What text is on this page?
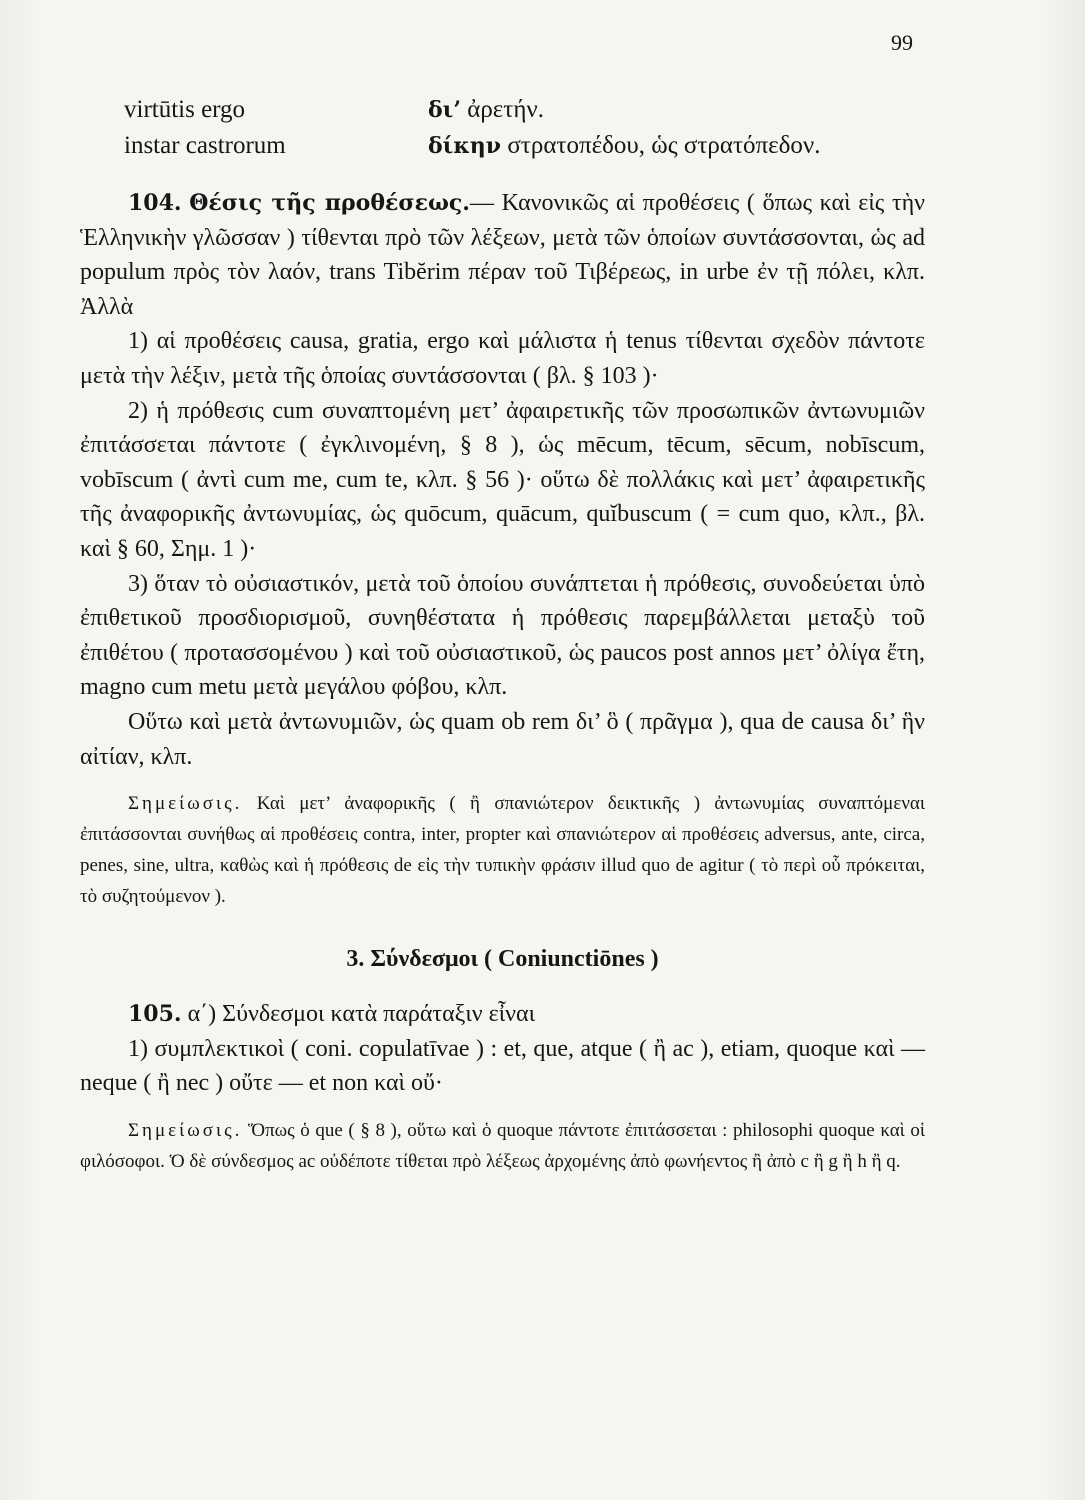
99
virtūtis ergo	δι’ ἀρετήν.
instar castrorum	δίκην στρατοπέδου, ὡς στρατόπεδον.

104. Θέσις τῆς προθέσεως.— Κανονικῶς αἱ προθέσεις ( ὅπως καὶ εἰς τὴν Ἑλληνικὴν γλῶσσαν ) τίθενται πρὸ τῶν λέξεων, μετὰ τῶν ὁποίων συντάσσονται, ὡς ad populum πρὸς τὸν λαόν, trans Tibĕrim πέραν τοῦ Τιβέρεως, in urbe ἐν τῇ πόλει, κλπ. Ἀλλὰ

1) αἱ προθέσεις causa, gratia, ergo καὶ μάλιστα ἡ tenus τίθενται σχεδὸν πάντοτε μετὰ τὴν λέξιν, μετὰ τῆς ὁποίας συντάσσονται ( βλ. § 103 )·

2) ἡ πρόθεσις cum συναπτομένη μετ’ ἀφαιρετικῆς τῶν προσωπικῶν ἀντωνυμιῶν ἐπιτάσσεται πάντοτε ( ἐγκλινομένη, § 8 ), ὡς mēcum, tēcum, sēcum, nobīscum, vobīscum ( ἀντὶ cum me, cum te, κλπ. § 56 )· οὕτω δὲ πολλάκις καὶ μετ’ ἀφαιρετικῆς τῆς ἀναφορικῆς ἀντωνυμίας, ὡς quōcum, quācum, quĭbuscum ( = cum quo, κλπ., βλ. καὶ § 60, Σημ. 1 )·

3) ὅταν τὸ οὐσιαστικόν, μετὰ τοῦ ὁποίου συνάπτεται ἡ πρόθεσις, συνοδεύεται ὑπὸ ἐπιθετικοῦ προσδιορισμοῦ, συνηθέστατα ἡ πρόθεσις παρεμβάλλεται μεταξὺ τοῦ ἐπιθέτου ( προτασσομένου ) καὶ τοῦ οὐσιαστικοῦ, ὡς paucos post annos μετ’ ὀλίγα ἔτη, magno cum metu μετὰ μεγάλου φόβου, κλπ.

Οὕτω καὶ μετὰ ἀντωνυμιῶν, ὡς quam ob rem δι’ ὃ ( πρᾶγμα ), qua de causa δι’ ἣν αἰτίαν, κλπ.

Σημείωσις. Καὶ μετ’ ἀναφορικῆς ( ἢ σπανιώτερον δεικτικῆς ) ἀντωνυμίας συναπτόμεναι ἐπιτάσσονται συνήθως αἱ προθέσεις contra, inter, propter καὶ σπανιώτερον αἱ προθέσεις adversus, ante, circa, penes, sine, ultra, καθὼς καὶ ἡ πρόθεσις de εἰς τὴν τυπικὴν φράσιν illud quo de agitur ( τὸ περὶ οὗ πρόκειται, τὸ συζητούμενον ).

3. Σύνδεσμοι ( Coniunctiōnes )

105. α΄) Σύνδεσμοι κατὰ παράταξιν εἶναι

1) συμπλεκτικοὶ ( coni. copulatīvae ) : et, que, atque ( ἢ ac ), etiam, quoque καὶ — neque ( ἢ nec ) οὔτε — et non καὶ οὔ·

Σημείωσις. Ὅπως ὁ que ( § 8 ), οὕτω καὶ ὁ quoque πάντοτε ἐπιτάσσεται : philosophi quoque καὶ οἱ φιλόσοφοι. Ὁ δὲ σύνδεσμος ac οὐδέποτε τίθεται πρὸ λέξεως ἀρχομένης ἀπὸ φωνήεντος ἢ ἀπὸ c ἢ g ἢ h ἢ q.
